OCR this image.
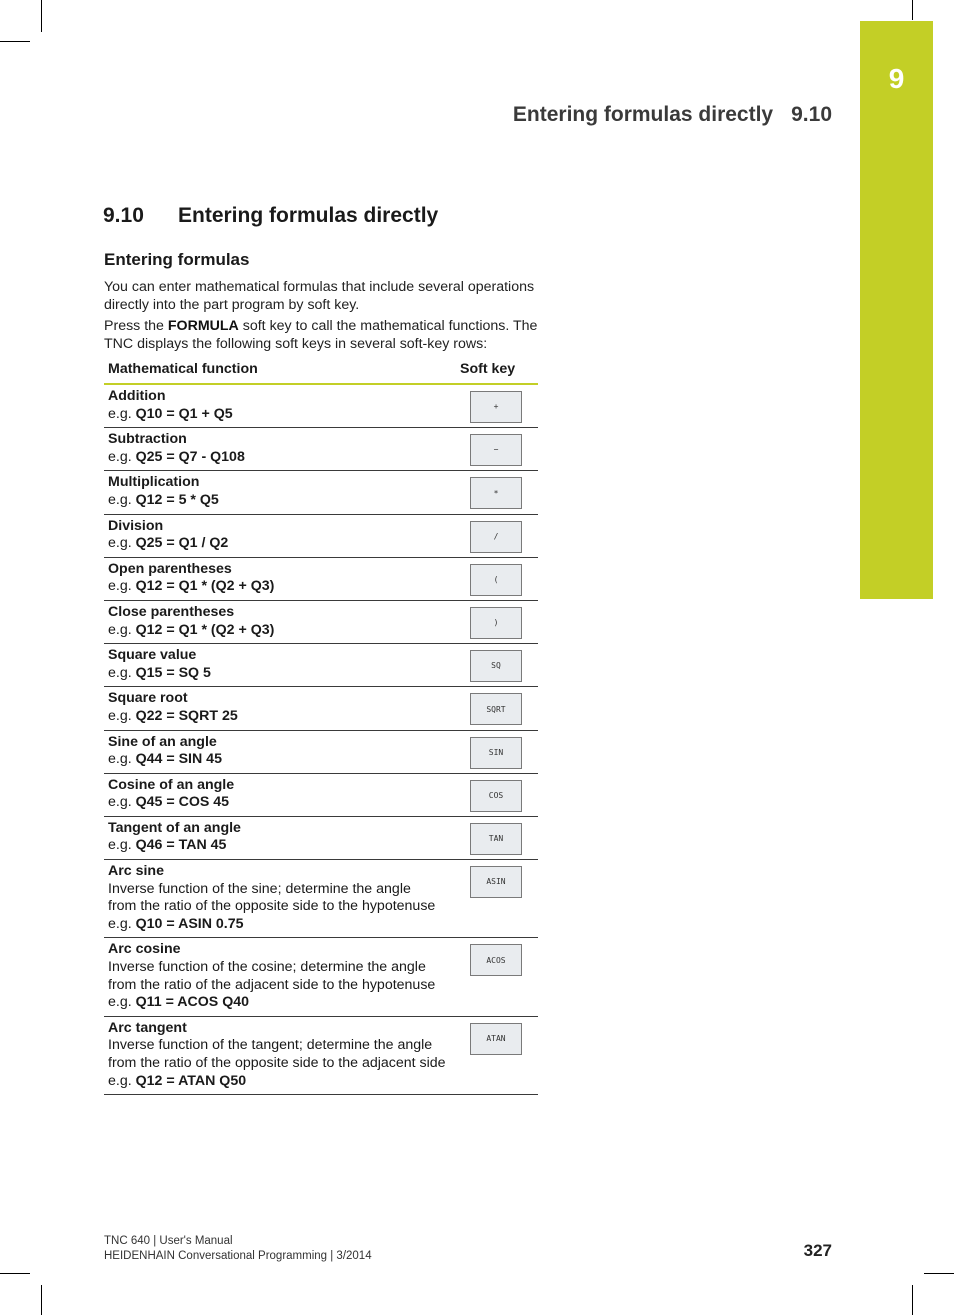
9
Entering formulas directly 9.10
9.10 Entering formulas directly
Entering formulas
You can enter mathematical formulas that include several operations directly into the part program by soft key.
Press the FORMULA soft key to call the mathematical functions. The TNC displays the following soft keys in several soft-key rows:
Mathematical function	Soft key

Addition
e.g. Q10 = Q1 + Q5	+

Subtraction
e.g. Q25 = Q7 - Q108	−

Multiplication
e.g. Q12 = 5 * Q5	*

Division
e.g. Q25 = Q1 / Q2	/

Open parentheses
e.g. Q12 = Q1 * (Q2 + Q3)	(

Close parentheses
e.g. Q12 = Q1 * (Q2 + Q3)	)

Square value
e.g. Q15 = SQ 5	SQ

Square root
e.g. Q22 = SQRT 25	SQRT

Sine of an angle
e.g. Q44 = SIN 45	SIN

Cosine of an angle
e.g. Q45 = COS 45	COS

Tangent of an angle
e.g. Q46 = TAN 45	TAN

Arc sine
Inverse function of the sine; determine the angle
from the ratio of the opposite side to the hypotenuse
e.g. Q10 = ASIN 0.75	ASIN

Arc cosine
Inverse function of the cosine; determine the angle
from the ratio of the adjacent side to the hypotenuse
e.g. Q11 = ACOS Q40	ACOS

Arc tangent
Inverse function of the tangent; determine the angle
from the ratio of the opposite side to the adjacent side
e.g. Q12 = ATAN Q50	ATAN
TNC 640 | User's Manual
HEIDENHAIN Conversational Programming | 3/2014	327
